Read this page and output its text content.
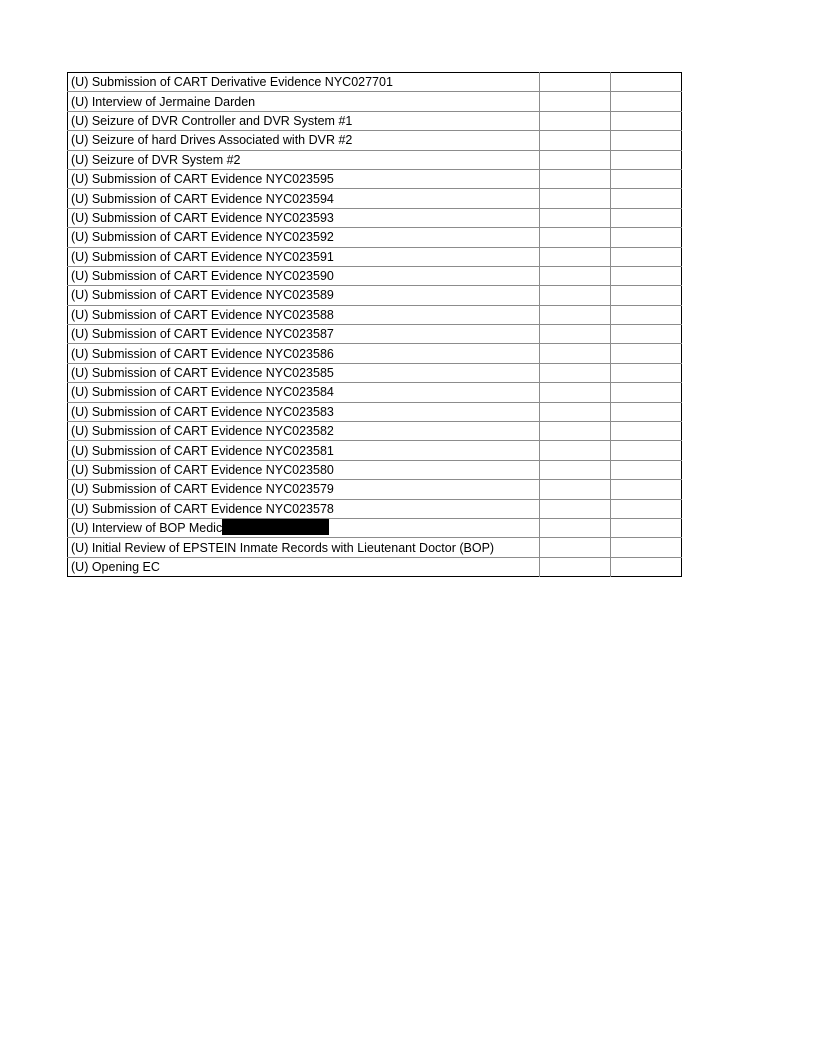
(U) Submission of CART Derivative Evidence NYC027701		
(U) Interview of Jermaine Darden		
(U) Seizure of DVR Controller and DVR System #1		
(U) Seizure of hard Drives Associated with DVR #2		
(U) Seizure of DVR System #2		
(U) Submission of CART Evidence NYC023595		
(U) Submission of CART Evidence NYC023594		
(U) Submission of CART Evidence NYC023593		
(U) Submission of CART Evidence NYC023592		
(U) Submission of CART Evidence NYC023591		
(U) Submission of CART Evidence NYC023590		
(U) Submission of CART Evidence NYC023589		
(U) Submission of CART Evidence NYC023588		
(U) Submission of CART Evidence NYC023587		
(U) Submission of CART Evidence NYC023586		
(U) Submission of CART Evidence NYC023585		
(U) Submission of CART Evidence NYC023584		
(U) Submission of CART Evidence NYC023583		
(U) Submission of CART Evidence NYC023582		
(U) Submission of CART Evidence NYC023581		
(U) Submission of CART Evidence NYC023580		
(U) Submission of CART Evidence NYC023579		
(U) Submission of CART Evidence NYC023578		
(U) Interview of BOP Medic		
(U) Initial Review of EPSTEIN Inmate Records with Lieutenant Doctor (BOP)		
(U) Opening EC		
